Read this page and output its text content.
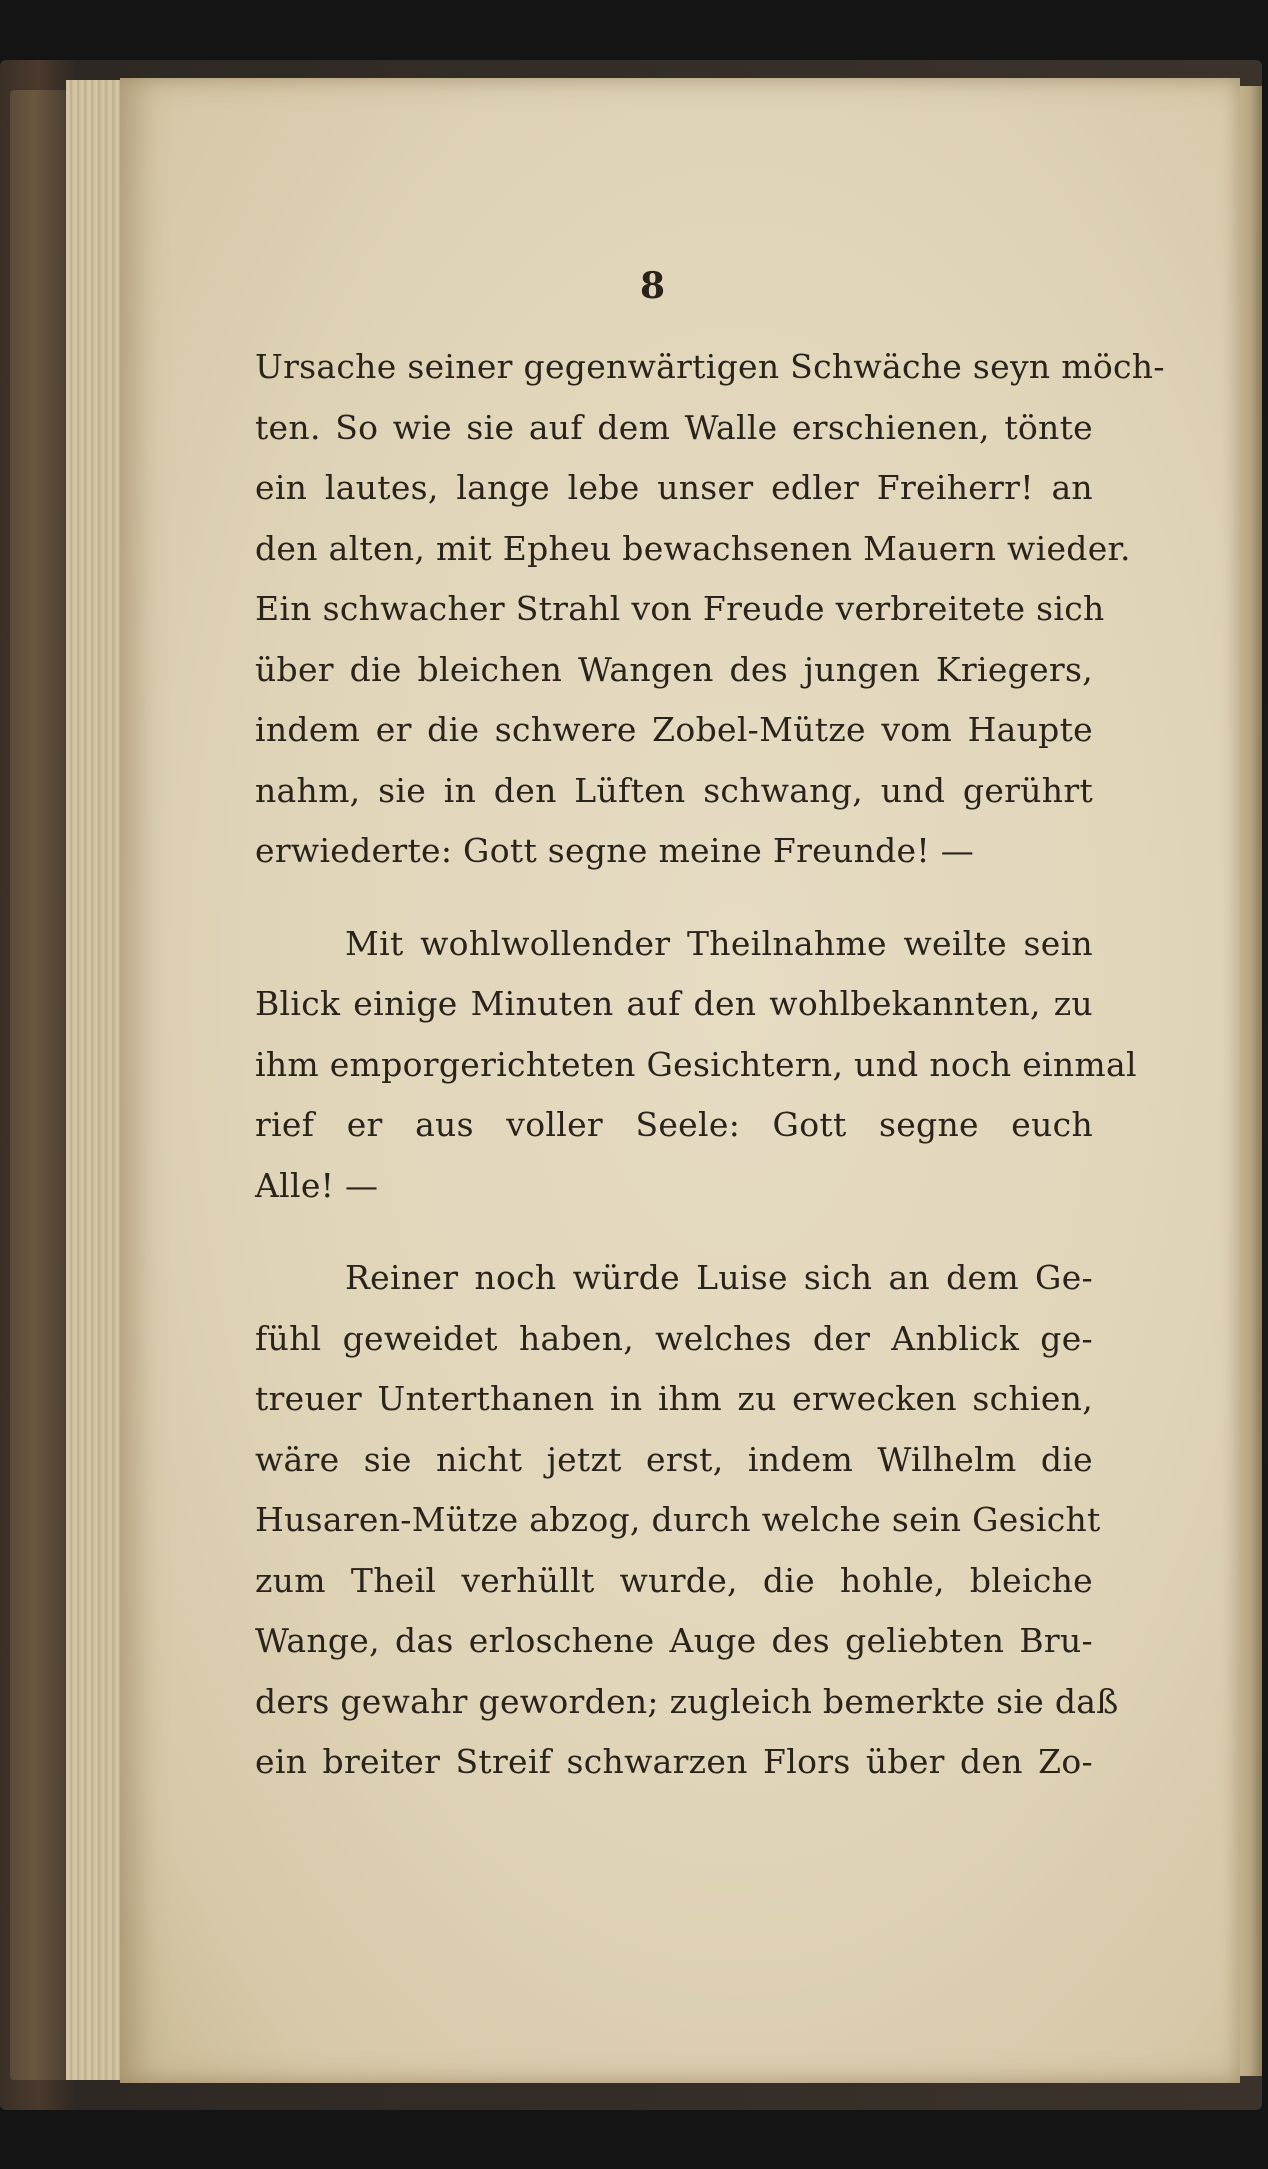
8
Ursache seiner gegenwärtigen Schwäche seyn möch-
ten. So wie sie auf dem Walle erschienen, tönte
ein lautes, lange lebe unser edler Freiherr! an
den alten, mit Epheu bewachsenen Mauern wieder.
Ein schwacher Strahl von Freude verbreitete sich
über die bleichen Wangen des jungen Kriegers,
indem er die schwere Zobel-Mütze vom Haupte
nahm, sie in den Lüften schwang, und gerührt
erwiederte: Gott segne meine Freunde! —
Mit wohlwollender Theilnahme weilte sein
Blick einige Minuten auf den wohlbekannten, zu
ihm emporgerichteten Gesichtern, und noch einmal
rief er aus voller Seele: Gott segne euch
Alle! —
Reiner noch würde Luise sich an dem Ge-
fühl geweidet haben, welches der Anblick ge-
treuer Unterthanen in ihm zu erwecken schien,
wäre sie nicht jetzt erst, indem Wilhelm die
Husaren-Mütze abzog, durch welche sein Gesicht
zum Theil verhüllt wurde, die hohle, bleiche
Wange, das erloschene Auge des geliebten Bru-
ders gewahr geworden; zugleich bemerkte sie daß
ein breiter Streif schwarzen Flors über den Zo-
